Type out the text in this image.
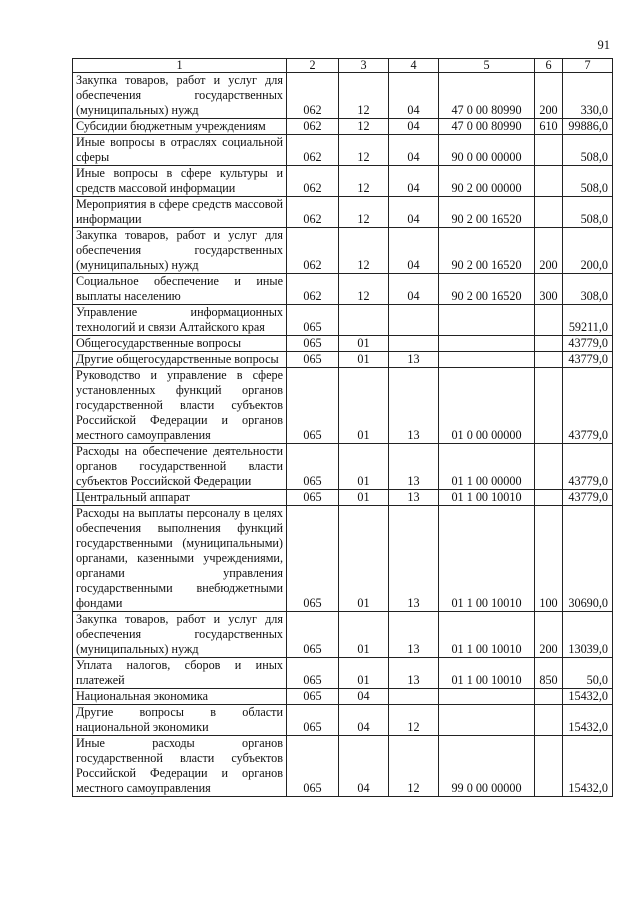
91
1	2	3	4	5	6	7
Закупка товаров, работ и услуг для обеспечения государственных (муниципальных) нужд	062	12	04	47 0 00 80990	200	330,0
Субсидии бюджетным учреждениям	062	12	04	47 0 00 80990	610	99886,0
Иные вопросы в отраслях социальной сферы	062	12	04	90 0 00 00000		508,0
Иные вопросы в сфере культуры и средств массовой информации	062	12	04	90 2 00 00000		508,0
Мероприятия в сфере средств массовой информации	062	12	04	90 2 00 16520		508,0
Закупка товаров, работ и услуг для обеспечения государственных (муниципальных) нужд	062	12	04	90 2 00 16520	200	200,0
Социальное обеспечение и иные выплаты населению	062	12	04	90 2 00 16520	300	308,0
Управление информационных технологий и связи Алтайского края	065					59211,0
Общегосударственные вопросы	065	01				43779,0
Другие общегосударственные вопросы	065	01	13			43779,0
Руководство и управление в сфере установленных функций органов государственной власти субъектов Российской Федерации и органов местного самоуправления	065	01	13	01 0 00 00000		43779,0
Расходы на обеспечение деятельности органов государственной власти субъектов Российской Федерации	065	01	13	01 1 00 00000		43779,0
Центральный аппарат	065	01	13	01 1 00 10010		43779,0
Расходы на выплаты персоналу в целях обеспечения выполнения функций государственными (муниципальными) органами, казенными учреждениями, органами управления государственными внебюджетными фондами	065	01	13	01 1 00 10010	100	30690,0
Закупка товаров, работ и услуг для обеспечения государственных (муниципальных) нужд	065	01	13	01 1 00 10010	200	13039,0
Уплата налогов, сборов и иных платежей	065	01	13	01 1 00 10010	850	50,0
Национальная экономика	065	04				15432,0
Другие вопросы в области национальной экономики	065	04	12			15432,0
Иные расходы органов государственной власти субъектов Российской Федерации и органов местного самоуправления	065	04	12	99 0 00 00000		15432,0
